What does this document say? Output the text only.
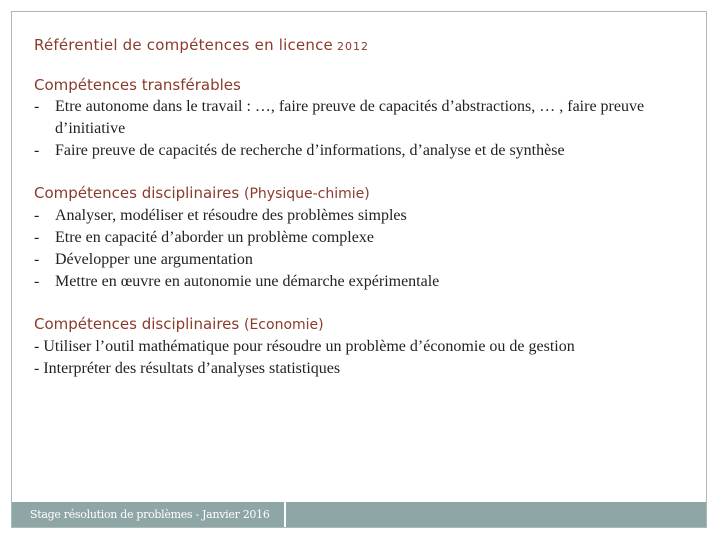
Référentiel de compétences en licence 2012
Compétences transférables
- Etre autonome dans le travail : …, faire preuve de capacités d’abstractions, … , faire preuve d’initiative
- Faire preuve de capacités de recherche d’informations, d’analyse et de synthèse
Compétences disciplinaires (Physique-chimie)
- Analyser, modéliser et résoudre des problèmes simples
- Etre en capacité d’aborder un problème complexe
- Développer une argumentation
- Mettre en œuvre en autonomie une démarche expérimentale
Compétences disciplinaires (Economie)
- Utiliser l’outil mathématique pour résoudre un problème d’économie ou de gestion
- Interpréter des résultats d’analyses statistiques
Stage résolution de problèmes - Janvier 2016
